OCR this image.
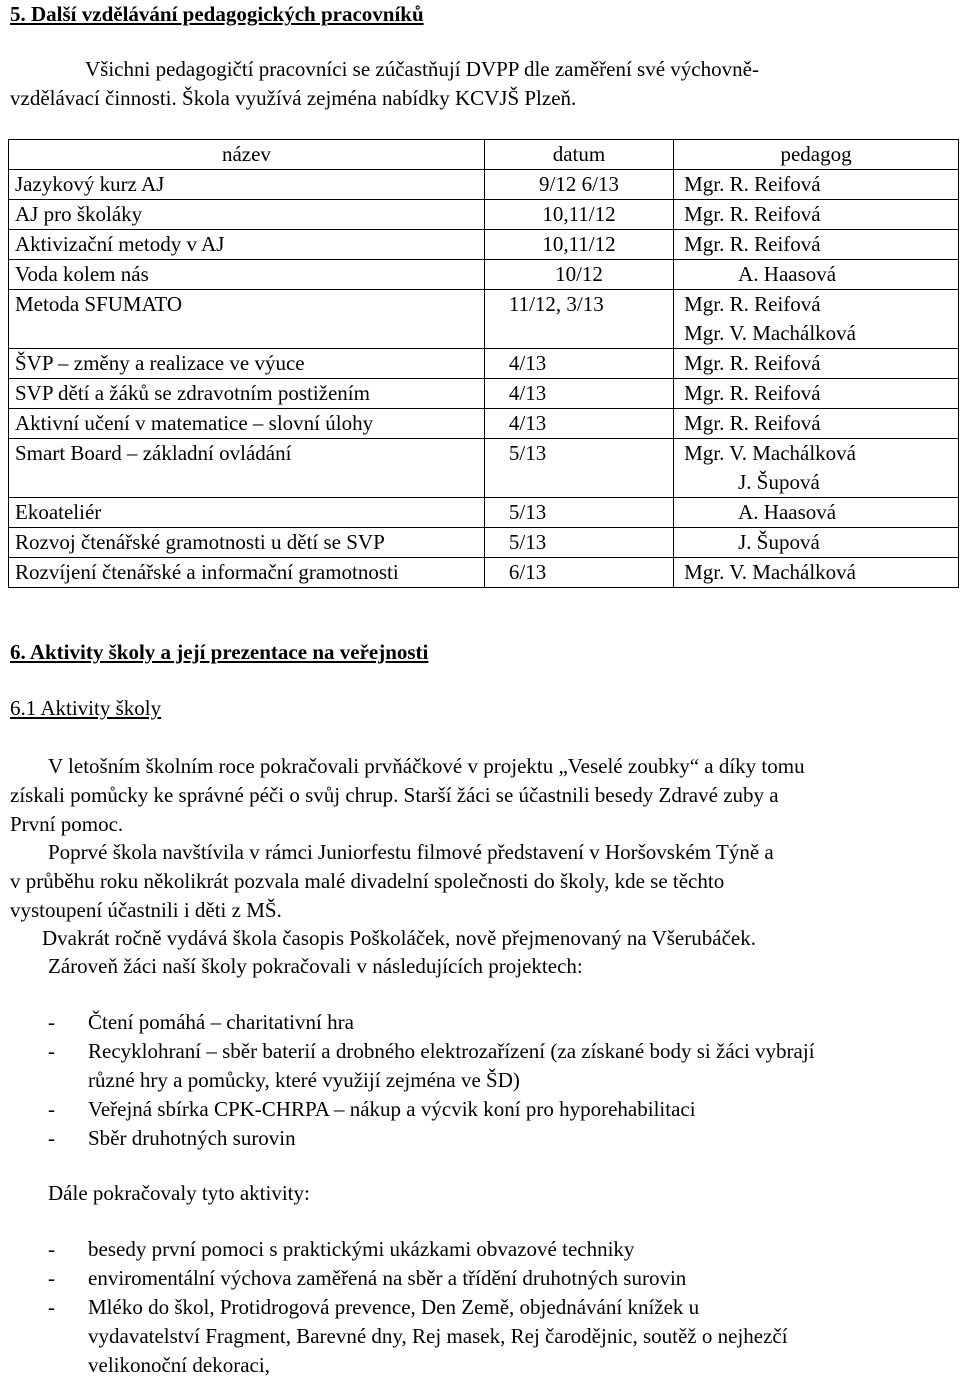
5. Další vzdělávání pedagogických pracovníků
Všichni pedagogičtí pracovníci se zúčastňují DVPP dle zaměření své výchovně-
vzdělávací činnosti. Škola využívá zejména nabídky KCVJŠ Plzeň.
název	datum	pedagog
Jazykový kurz AJ	9/12 6/13	Mgr. R. Reifová

AJ pro školáky	10,11/12	Mgr. R. Reifová

Aktivizační metody v AJ	10,11/12	Mgr. R. Reifová

Voda kolem nás	10/12	A. Haasová

Metoda SFUMATO	11/12, 3/13	Mgr. R. Reifová
Mgr. V. Machálková

ŠVP – změny a realizace ve výuce	4/13	Mgr. R. Reifová

SVP dětí a žáků se zdravotním postižením	4/13	Mgr. R. Reifová

Aktivní učení v matematice – slovní úlohy	4/13	Mgr. R. Reifová

Smart Board – základní ovládání	5/13	Mgr. V. Machálková
J. Šupová

Ekoateliér	5/13	A. Haasová

Rozvoj čtenářské gramotnosti u dětí se SVP	5/13	J. Šupová

Rozvíjení čtenářské a informační gramotnosti	6/13	Mgr. V. Machálková
6. Aktivity školy a její prezentace na veřejnosti
6.1 Aktivity školy
V letošním školním roce pokračovali prvňáčkové v projektu „Veselé zoubky“ a díky tomu
získali pomůcky ke správné péči o svůj chrup. Starší žáci se účastnili besedy Zdravé zuby a
První pomoc.
Poprvé škola navštívila v rámci Juniorfestu filmové představení v Horšovském Týně a
v průběhu roku několikrát pozvala malé divadelní společnosti do školy, kde se těchto
vystoupení účastnili i děti z MŠ.
Dvakrát ročně vydává škola časopis Poškoláček, nově přejmenovaný na Všerubáček.
Zároveň žáci naší školy pokračovali v následujících projektech:
- Čtení pomáhá – charitativní hra
- Recyklohraní – sběr baterií a drobného elektrozařízení (za získané body si žáci vybrají
různé hry a pomůcky, které využijí zejména ve ŠD)
- Veřejná sbírka CPK-CHRPA – nákup a výcvik koní pro hyporehabilitaci
- Sběr druhotných surovin
Dále pokračovaly tyto aktivity:
- besedy první pomoci s praktickými ukázkami obvazové techniky
- enviromentální výchova zaměřená na sběr a třídění druhotných surovin
- Mléko do škol, Protidrogová prevence, Den Země, objednávání knížek u
vydavatelství Fragment, Barevné dny, Rej masek, Rej čarodějnic, soutěž o nejhezčí
velikonoční dekoraci,
